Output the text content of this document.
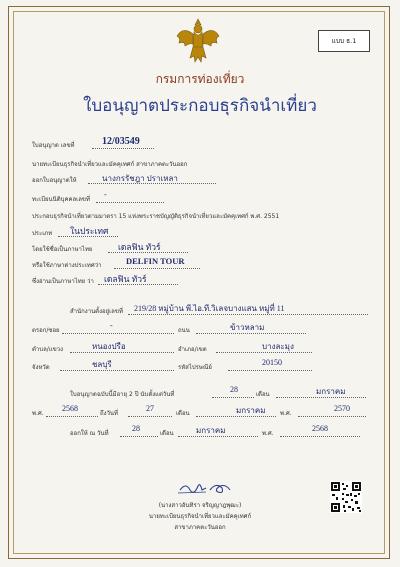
แบบ ธ.1
กรมการท่องเที่ยว
ใบอนุญาตประกอบธุรกิจนำเที่ยว
ใบอนุญาต เลขที่	12/03549
นายทะเบียนธุรกิจนำเที่ยวและมัคคุเทศก์ สาขาภาคตะวันออก
ออกใบอนุญาตให้	นางกรรัชฎา ปราเหลา
ทะเบียนนิติบุคคลเลขที่
-
ประกอบธุรกิจนำเที่ยวตามมาตรา 15 แห่งพระราชบัญญัติธุรกิจนำเที่ยวและมัคคุเทศก์ พ.ศ. 2551
ประเภท ในประเทศ
โดยใช้ชื่อเป็นภาษาไทย	เดลฟิน ทัวร์
หรือใช้ภาษาต่างประเทศว่า	DELFIN TOUR
ซึ่งอ่านเป็นภาษาไทย ว่า เดลฟิน ทัวร์
สำนักงานตั้งอยู่เลขที่ 219/28 หมู่บ้าน พี.ไอ.ที.วิเลจบางแสน หมู่ที่ 11
ตรอก/ซอย
-
ถนน	ข้าวหลาม
ตำบล/แขวง	หนองปรือ	อำเภอ/เขต	บางละมุง
จังหวัด	ชลบุรี	รหัสไปรษณีย์
20150
ใบอนุญาตฉบับนี้มีอายุ 2 ปี นับตั้งแต่วันที่
28
เดือน	มกราคม
พ.ศ.
2568
ถึงวันที่
27
เดือน	มกราคม พ.ศ.
2570
ออกให้ ณ วันที่
28
เดือน	มกราคม	พ.ศ.
2568
(นางสาวอันทิรา จริญญาฎพุฒะ)
นายทะเบียนธุรกิจนำเที่ยวและมัคคุเทศก์
สาขาภาคตะวันออก
